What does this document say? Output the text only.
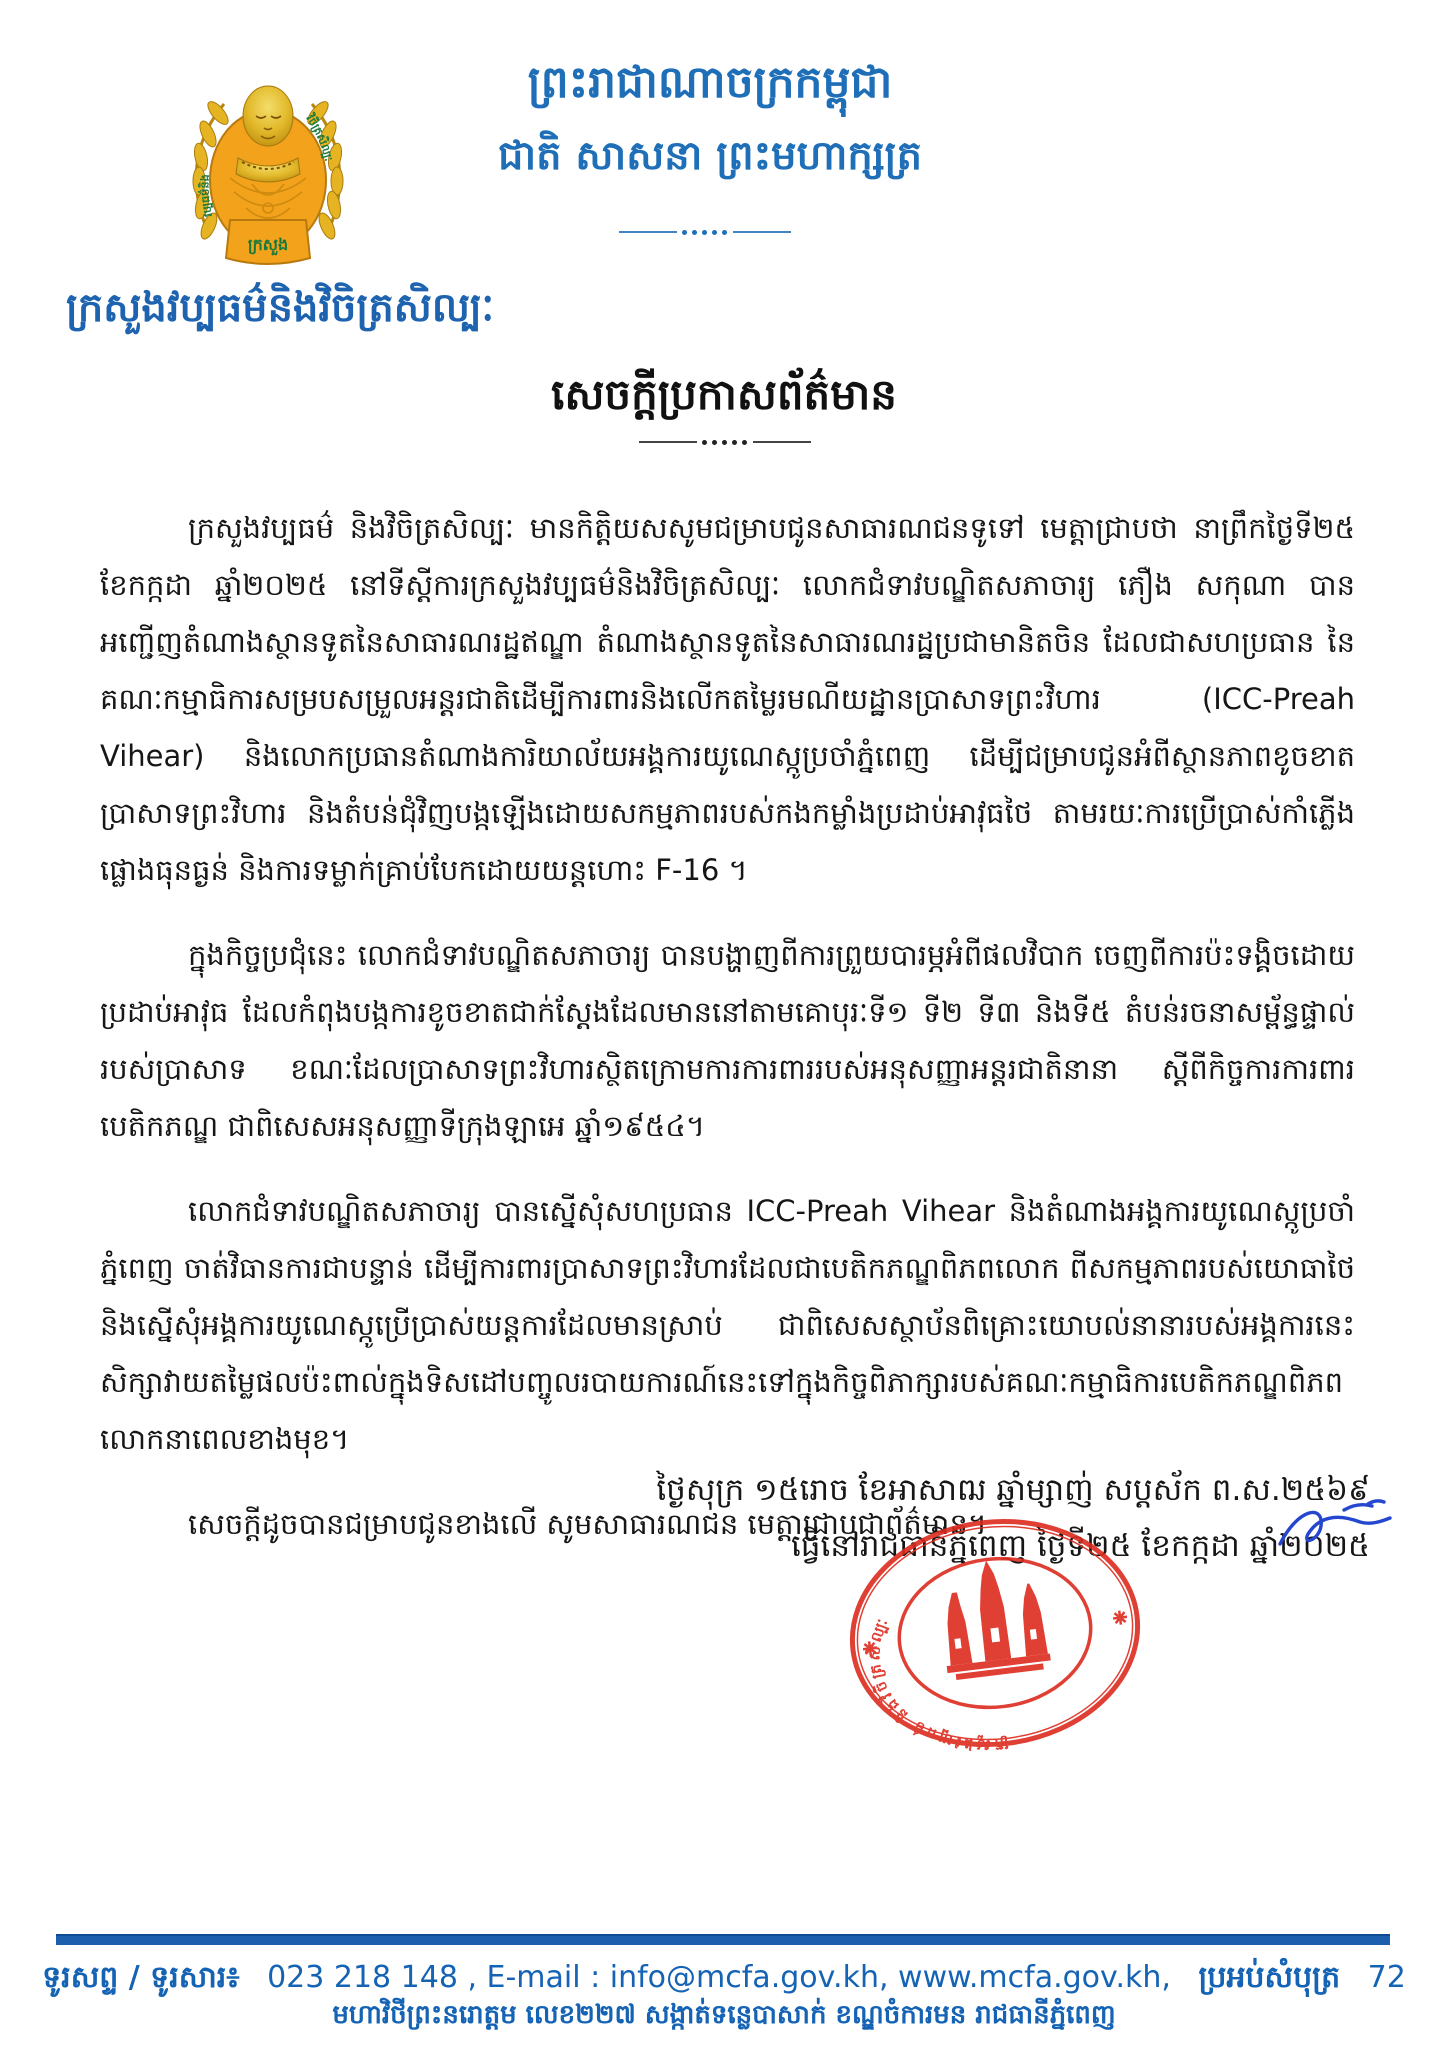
ក្រសួង
វប្បធម៌និង
វិចិត្រសិល្បៈ
ព្រះរាជាណាចក្រកម្ពុជា
ជាតិ សាសនា ព្រះមហាក្សត្រ
ក្រសួងវប្បធម៌និងវិចិត្រសិល្បៈ
សេចក្តីប្រកាសព័ត៌មាន

ក្រសួងវប្បធម៌ និងវិចិត្រសិល្បៈ មានកិត្តិយសសូមជម្រាបជូនសាធារណជនទូទៅ មេត្តាជ្រាបថា នាព្រឹកថ្ងៃទី២៥ ខែកក្កដា ឆ្នាំ២០២៥ នៅទីស្តីការក្រសួងវប្បធម៌និងវិចិត្រសិល្បៈ លោកជំទាវបណ្ឌិតសភាចារ្យ ភឿង សកុណា បានអញ្ជើញតំណាងស្ថានទូតនៃសាធារណរដ្ឋឥណ្ឌា តំណាងស្ថានទូតនៃសាធារណរដ្ឋប្រជាមានិតចិន ដែលជាសហប្រធាន នៃគណៈកម្មាធិការសម្របសម្រួលអន្តរជាតិដើម្បីការពារនិងលើកតម្លៃរមណីយដ្ឋានប្រាសាទព្រះវិហារ (ICC-Preah Vihear) និងលោកប្រធានតំណាងការិយាល័យអង្គការយូណេស្កូប្រចាំភ្នំពេញ ដើម្បីជម្រាបជូនអំពីស្ថានភាពខូចខាតប្រាសាទព្រះវិហារ និងតំបន់ជុំវិញបង្កឡើងដោយសកម្មភាពរបស់កងកម្លាំងប្រដាប់អាវុធថៃ តាមរយៈការប្រើប្រាស់កាំភ្លើងផ្លោងធុនធ្ងន់ និងការទម្លាក់គ្រាប់បែកដោយយន្តហោះ F-16 ។

ក្នុងកិច្ចប្រជុំនេះ លោកជំទាវបណ្ឌិតសភាចារ្យ បានបង្ហាញពីការព្រួយបារម្ភអំពីផលវិបាក ចេញពីការប៉ះទង្គិចដោយប្រដាប់អាវុធ ដែលកំពុងបង្កការខូចខាតជាក់ស្តែងដែលមាននៅតាមគោបុរៈទី១ ទី២ ទី៣ និងទី៥ តំបន់រចនាសម្ព័ន្ធផ្ទាល់របស់ប្រាសាទ ខណៈដែលប្រាសាទព្រះវិហារស្ថិតក្រោមការការពាររបស់អនុសញ្ញាអន្តរជាតិនានា ស្តីពីកិច្ចការការពារបេតិកភណ្ឌ ជាពិសេសអនុសញ្ញាទីក្រុងឡាអេ ឆ្នាំ១៩៥៤។

លោកជំទាវបណ្ឌិតសភាចារ្យ បានស្នើសុំសហប្រធាន ICC-Preah Vihear និងតំណាងអង្គការយូណេស្កូប្រចាំភ្នំពេញ ចាត់វិធានការជាបន្ទាន់ ដើម្បីការពារប្រាសាទព្រះវិហារដែលជាបេតិកភណ្ឌពិភពលោក ពីសកម្មភាពរបស់យោធាថៃ និងស្នើសុំអង្គការយូណេស្កូប្រើប្រាស់យន្តការដែលមានស្រាប់ ជាពិសេសស្ថាប័នពិគ្រោះយោបល់នានារបស់អង្គការនេះ សិក្សាវាយតម្លៃផលប៉ះពាល់ក្នុងទិសដៅបញ្ចូលរបាយការណ៍នេះទៅក្នុងកិច្ចពិភាក្សារបស់គណៈកម្មាធិការបេតិកភណ្ឌពិភពលោកនាពេលខាងមុខ។

សេចក្តីដូចបានជម្រាបជូនខាងលើ សូមសាធារណជន មេត្តាជ្រាបជាព័ត៌មាន។

ថ្ងៃសុក្រ ១៥រោច ខែអាសាឍ ឆ្នាំម្សាញ់ សប្តស័ក ព.ស.២៥៦៩
ធ្វើនៅរាជធានីភ្នំពេញ ថ្ងៃទី២៥ ខែកក្កដា ឆ្នាំ២០២៥
ក្រសួងវប្បធម៌ និងវិចិត្រសិល្បៈ
ទូរសព្ទ / ទូរសារ៖ 023 218 148 , E-mail : info@mcfa.gov.kh, www.mcfa.gov.kh, ប្រអប់សំបុត្រ 72
មហាវិថីព្រះនរោត្តម លេខ២២៧ សង្កាត់ទន្លេបាសាក់ ខណ្ឌចំការមន រាជធានីភ្នំពេញ
